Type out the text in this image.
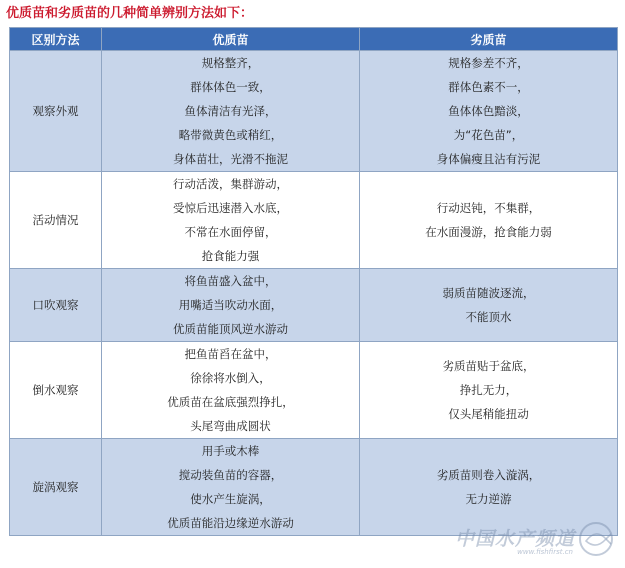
优质苗和劣质苗的几种简单辨别方法如下：
区别方法	优质苗	劣质苗

观察外观	规格整齐，
群体体色一致，
鱼体清洁有光泽，
略带微黄色或稍红，
身体苗壮，光滑不拖泥	规格参差不齐，
群体色素不一，
鱼体体色黯淡，
为“花色苗”，
身体偏瘦且沾有污泥

活动情况	行动活泼，集群游动，
受惊后迅速潜入水底，
不常在水面停留，
抢食能力强	行动迟钝，不集群，
在水面漫游，抢食能力弱

口吹观察	将鱼苗盛入盆中，
用嘴适当吹动水面，
优质苗能顶风逆水游动	弱质苗随波逐流，
不能顶水

倒水观察	把鱼苗舀在盆中，
徐徐将水倒入，
优质苗在盆底强烈挣扎，
头尾弯曲成圆状	劣质苗贴于盆底，
挣扎无力，
仅头尾稍能扭动

旋涡观察	用手或木棒
搅动装鱼苗的容器，
使水产生旋涡，
优质苗能沿边缘逆水游动	劣质苗则卷入漩涡，
无力逆游
中国水产频道
www.fishfirst.cn
